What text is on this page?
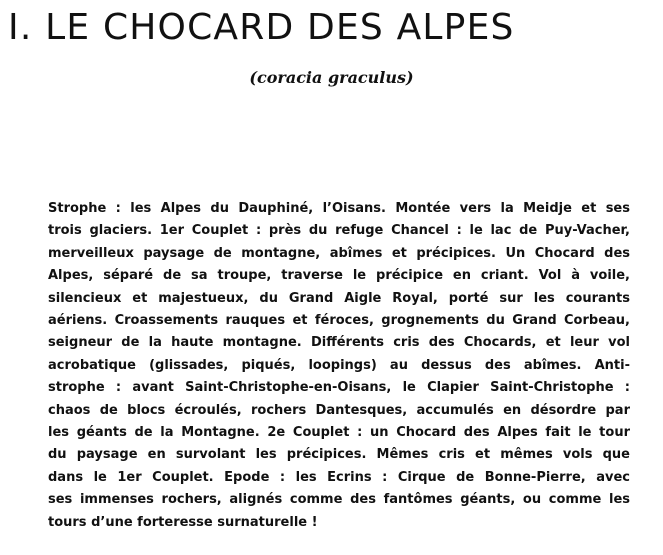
I. LE CHOCARD DES ALPES

(coracia graculus)

Strophe : les Alpes du Dauphiné, l’Oisans. Montée vers la Meidje et ses
trois glaciers. 1er Couplet : près du refuge Chancel : le lac de Puy-Vacher,
merveilleux paysage de montagne, abîmes et précipices. Un Chocard des
Alpes, séparé de sa troupe, traverse le précipice en criant. Vol à voile,
silencieux et majestueux, du Grand Aigle Royal, porté sur les courants
aériens. Croassements rauques et féroces, grognements du Grand Corbeau,
seigneur de la haute montagne. Différents cris des Chocards, et leur vol
acrobatique (glissades, piqués, loopings) au dessus des abîmes. Anti-
strophe : avant Saint-Christophe-en-Oisans, le Clapier Saint-Christophe :
chaos de blocs écroulés, rochers Dantesques, accumulés en désordre par
les géants de la Montagne. 2e Couplet : un Chocard des Alpes fait le tour
du paysage en survolant les précipices. Mêmes cris et mêmes vols que
dans le 1er Couplet. Epode : les Ecrins : Cirque de Bonne-Pierre, avec
ses immenses rochers, alignés comme des fantômes géants, ou comme les
tours d’une forteresse surnaturelle !
